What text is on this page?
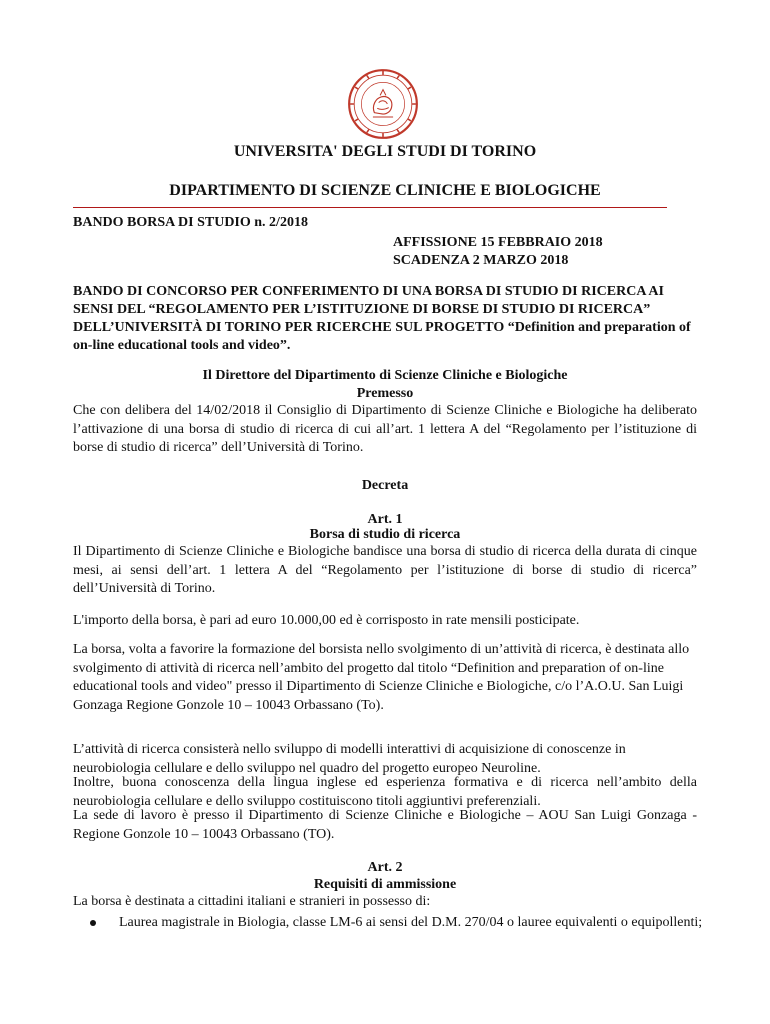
UNIVERSITA' DEGLI STUDI DI TORINO
DIPARTIMENTO DI SCIENZE CLINICHE E BIOLOGICHE
BANDO BORSA DI STUDIO n. 2/2018
AFFISSIONE 15 FEBBRAIO 2018
SCADENZA 2 MARZO 2018
BANDO DI CONCORSO PER CONFERIMENTO DI UNA BORSA DI STUDIO DI RICERCA AI SENSI DEL “REGOLAMENTO PER L’ISTITUZIONE DI BORSE DI STUDIO DI RICERCA” DELL’UNIVERSITÀ DI TORINO PER RICERCHE SUL PROGETTO “Definition and preparation of on-line educational tools and video”.
Il Direttore del Dipartimento di Scienze Cliniche e Biologiche
Premesso
Che con delibera del 14/02/2018 il Consiglio di Dipartimento di Scienze Cliniche e Biologiche ha deliberato l’attivazione di una borsa di studio di ricerca di cui all’art. 1 lettera A del “Regolamento per l’istituzione di borse di studio di ricerca” dell’Università di Torino.
Decreta
Art. 1
Borsa di studio di ricerca
Il Dipartimento di Scienze Cliniche e Biologiche bandisce una borsa di studio di ricerca della durata di cinque mesi, ai sensi dell’art. 1 lettera A del “Regolamento per l’istituzione di borse di studio di ricerca” dell’Università di Torino.
L'importo della borsa, è pari ad euro 10.000,00 ed è corrisposto in rate mensili posticipate.
La borsa, volta a favorire la formazione del borsista nello svolgimento di un’attività di ricerca, è destinata allo svolgimento di attività di ricerca nell’ambito del progetto dal titolo “Definition and preparation of on-line educational tools and video" presso il Dipartimento di Scienze Cliniche e Biologiche, c/o l’A.O.U. San Luigi Gonzaga Regione Gonzole 10 – 10043 Orbassano (To).
L’attività di ricerca consisterà nello sviluppo di modelli interattivi di acquisizione di conoscenze in neurobiologia cellulare e dello sviluppo nel quadro del progetto europeo Neuroline.
Inoltre, buona conoscenza della lingua inglese ed esperienza formativa e di ricerca nell’ambito della neurobiologia cellulare e dello sviluppo costituiscono titoli aggiuntivi preferenziali.
La sede di lavoro è presso il Dipartimento di Scienze Cliniche e Biologiche – AOU San Luigi Gonzaga - Regione Gonzole 10 – 10043 Orbassano (TO).
Art. 2
Requisiti di ammissione
La borsa è destinata a cittadini italiani e stranieri in possesso di:
Laurea magistrale in Biologia, classe LM-6 ai sensi del D.M. 270/04 o lauree equivalenti o equipollenti;
